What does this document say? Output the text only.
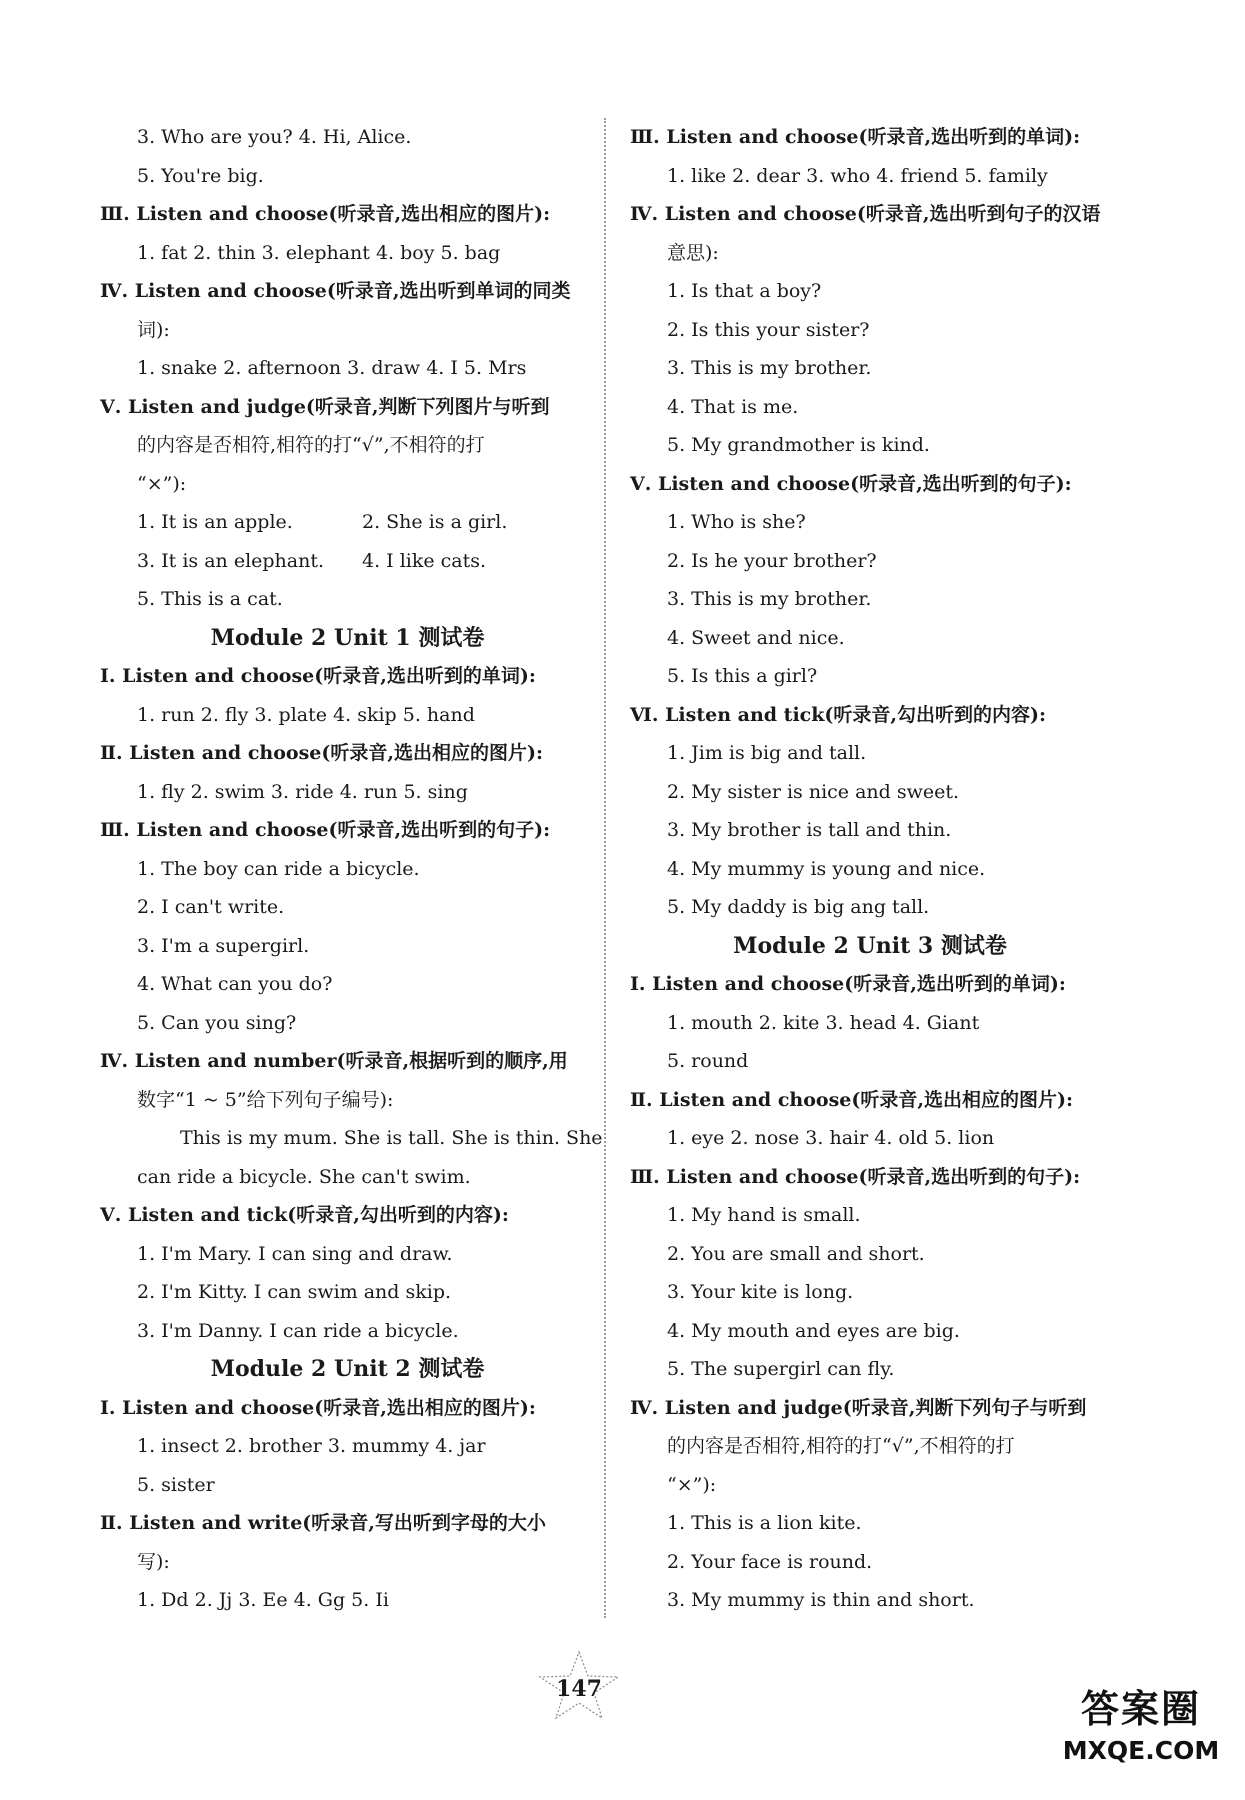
3. Who are you? 4. Hi, Alice.
5. You're big.
Ⅲ. Listen and choose(听录音,选出相应的图片):
1. fat 2. thin 3. elephant 4. boy 5. bag
Ⅳ. Listen and choose(听录音,选出听到单词的同类
词):
1. snake 2. afternoon 3. draw 4. I 5. Mrs
Ⅴ. Listen and judge(听录音,判断下列图片与听到
的内容是否相符,相符的打“√”,不相符的打
“×”):
1. It is an apple.	2. She is a girl.
3. It is an elephant. 4. I like cats.
5. This is a cat.
Module 2 Unit 1 测试卷
Ⅰ. Listen and choose(听录音,选出听到的单词):
1. run 2. fly 3. plate 4. skip 5. hand
Ⅱ. Listen and choose(听录音,选出相应的图片):
1. fly 2. swim 3. ride 4. run 5. sing
Ⅲ. Listen and choose(听录音,选出听到的句子):
1. The boy can ride a bicycle.
2. I can't write.
3. I'm a supergirl.
4. What can you do?
5. Can you sing?
Ⅳ. Listen and number(听录音,根据听到的顺序,用
数字“1 ~ 5”给下列句子编号):
This is my mum. She is tall. She is thin. She
can ride a bicycle. She can't swim.
Ⅴ. Listen and tick(听录音,勾出听到的内容):
1. I'm Mary. I can sing and draw.
2. I'm Kitty. I can swim and skip.
3. I'm Danny. I can ride a bicycle.
Module 2 Unit 2 测试卷
Ⅰ. Listen and choose(听录音,选出相应的图片):
1. insect 2. brother 3. mummy 4. jar
5. sister
Ⅱ. Listen and write(听录音,写出听到字母的大小
写):
1. Dd 2. Jj 3. Ee 4. Gg 5. Ii
Ⅲ. Listen and choose(听录音,选出听到的单词):
1. like 2. dear 3. who 4. friend 5. family
Ⅳ. Listen and choose(听录音,选出听到句子的汉语
意思):
1. Is that a boy?
2. Is this your sister?
3. This is my brother.
4. That is me.
5. My grandmother is kind.
Ⅴ. Listen and choose(听录音,选出听到的句子):
1. Who is she?
2. Is he your brother?
3. This is my brother.
4. Sweet and nice.
5. Is this a girl?
Ⅵ. Listen and tick(听录音,勾出听到的内容):
1. Jim is big and tall.
2. My sister is nice and sweet.
3. My brother is tall and thin.
4. My mummy is young and nice.
5. My daddy is big ang tall.
Module 2 Unit 3 测试卷
Ⅰ. Listen and choose(听录音,选出听到的单词):
1. mouth 2. kite 3. head 4. Giant
5. round
Ⅱ. Listen and choose(听录音,选出相应的图片):
1. eye 2. nose 3. hair 4. old 5. lion
Ⅲ. Listen and choose(听录音,选出听到的句子):
1. My hand is small.
2. You are small and short.
3. Your kite is long.
4. My mouth and eyes are big.
5. The supergirl can fly.
Ⅳ. Listen and judge(听录音,判断下列句子与听到
的内容是否相符,相符的打“√”,不相符的打
“×”):
1. This is a lion kite.
2. Your face is round.
3. My mummy is thin and short.
147	答案圈
MXQE.COM
